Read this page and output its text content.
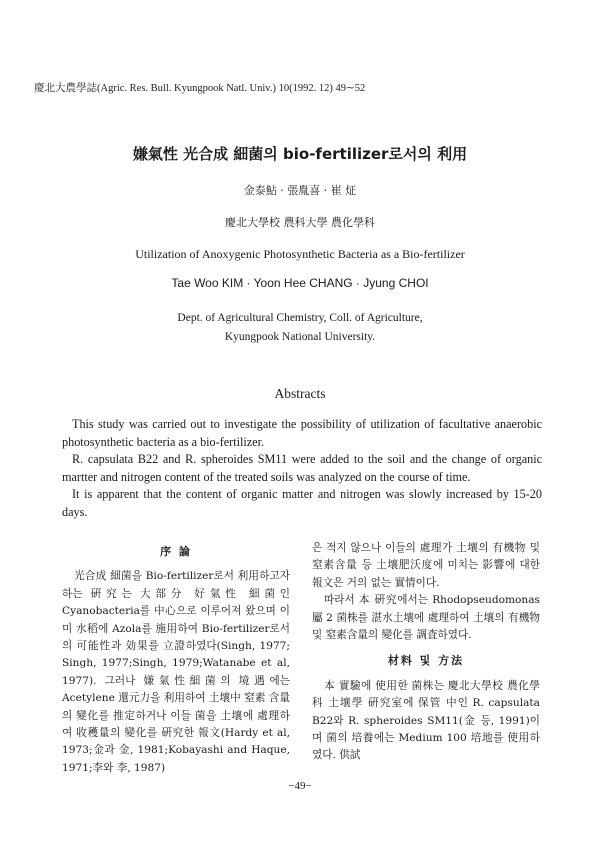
慶北大農學誌(Agric. Res. Bull. Kyungpook Natl. Univ.) 10(1992. 12) 49∼52
嫌氣性 光合成 細菌의 bio-fertilizer로서의 利用
金泰鮎 · 張胤喜 · 崔 炡
慶北大學校 農科大學 農化學科
Utilization of Anoxygenic Photosynthetic Bacteria as a Bio-fertilizer
Tae Woo KIM · Yoon Hee CHANG · Jyung CHOI
Dept. of Agricultural Chemistry, Coll. of Agriculture,
Kyungpook National University.
Abstracts

This study was carried out to investigate the possibility of utilization of facultative anaerobic photosynthetic bacteria as a bio-fertilizer.

R. capsulata B22 and R. spheroides SM11 were added to the soil and the change of organic martter and nitrogen content of the treated soils was analyzed on the course of time.

It is apparent that the content of organic matter and nitrogen was slowly increased by 15-20 days.

序 論

光合成 細菌을 Bio-fertilizer로서 利用하고자 하는 硏究는 大部分 好氣性 細菌인 Cyanobacteria를 中心으로 이루어져 왔으며 이미 水稻에 Azola를 施用하여 Bio-fertilizer로서의 可能性과 効果를 立證하였다(Singh, 1977; Singh, 1977;Singh, 1979;Watanabe et al, 1977). 그러나 嫌氣性細菌의 境遇에는 Acetylene 還元力을 利用하여 土壤中 窒素 含量의 變化를 推定하거나 이들 菌을 土壤에 處理하여 收穫量의 變化를 硏究한 報文(Hardy et al, 1973;金과 金, 1981;Kobayashi and Haque, 1971;李와 李, 1987)

은 적지 않으나 이들의 處理가 土壤의 有機物 및 窒素含量 등 土壤肥沃度에 미치는 影響에 대한 報文은 거의 없는 實情이다.

따라서 本 硏究에서는 Rhodopseudomonas屬 2 菌株를 湛水土壤에 處理하여 土壤의 有機物 및 窒素含量의 變化를 調査하였다.

材料 및 方法

本 實驗에 使用한 菌株는 慶北大學校 農化學科 土壤學 硏究室에 保管 中인 R. capsulata B22와 R. spheroides SM11(金 등, 1991)이며 菌의 培養에는 Medium 100 培地를 使用하였다. 供試

−49−
